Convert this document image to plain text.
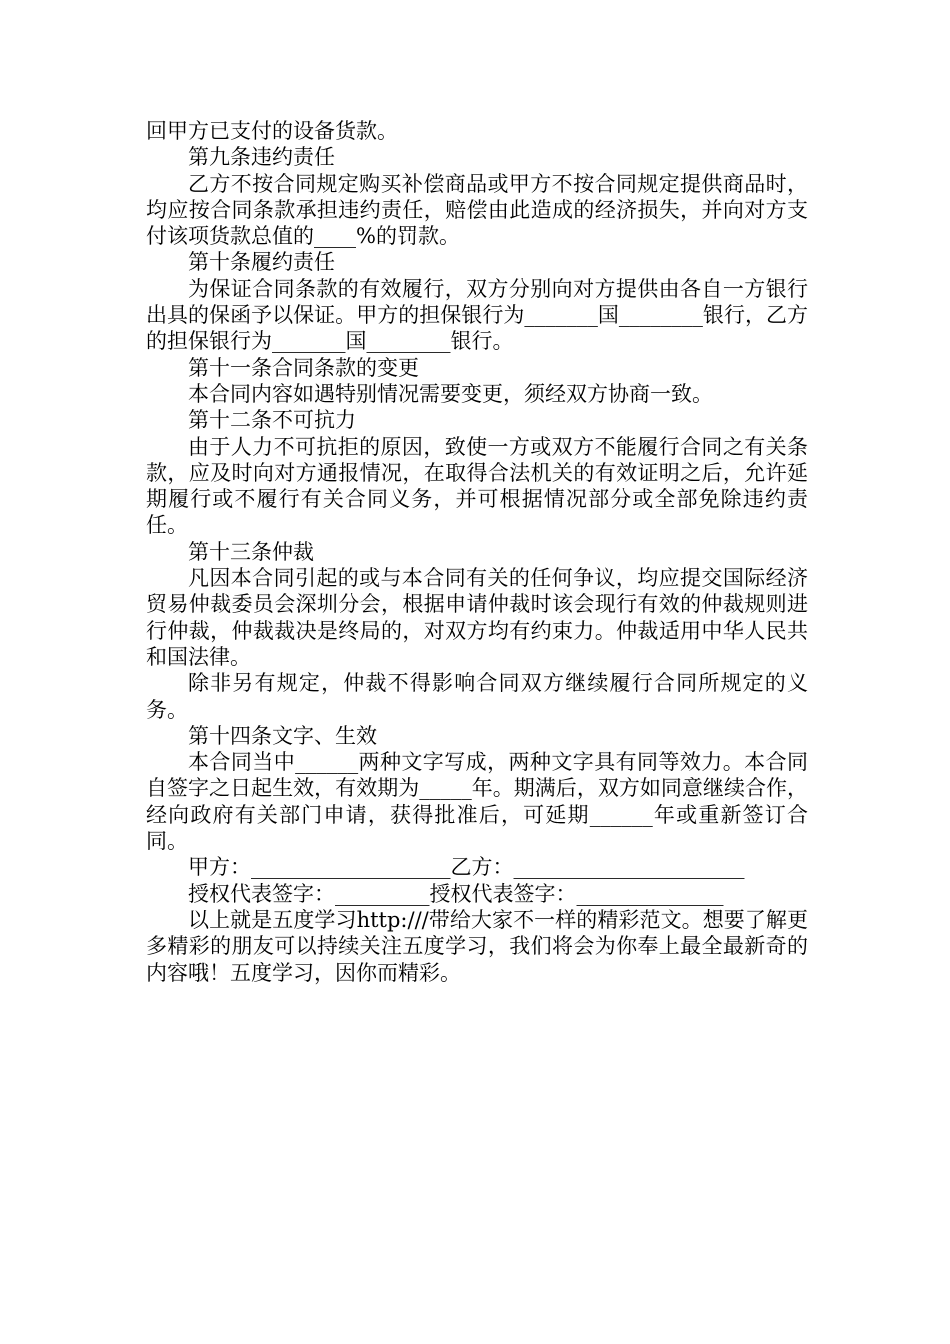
回甲方已支付的设备货款。

第九条违约责任

乙方不按合同规定购买补偿商品或甲方不按合同规定提供商品时，均应按合同条款承担违约责任，赔偿由此造成的经济损失，并向对方支付该项货款总值的____%的罚款。

第十条履约责任

为保证合同条款的有效履行，双方分别向对方提供由各自一方银行出具的保函予以保证。甲方的担保银行为_______国________银行，乙方的担保银行为_______国________银行。

第十一条合同条款的变更

本合同内容如遇特别情况需要变更，须经双方协商一致。

第十二条不可抗力

由于人力不可抗拒的原因，致使一方或双方不能履行合同之有关条款，应及时向对方通报情况，在取得合法机关的有效证明之后，允许延期履行或不履行有关合同义务，并可根据情况部分或全部免除违约责任。

第十三条仲裁

凡因本合同引起的或与本合同有关的任何争议，均应提交国际经济贸易仲裁委员会深圳分会，根据申请仲裁时该会现行有效的仲裁规则进行仲裁，仲裁裁决是终局的，对双方均有约束力。仲裁适用中华人民共和国法律。

除非另有规定，仲裁不得影响合同双方继续履行合同所规定的义务。

第十四条文字、生效

本合同当中______两种文字写成，两种文字具有同等效力。本合同自签字之日起生效，有效期为_____年。期满后，双方如同意继续合作，经向政府有关部门申请，获得批准后，可延期______年或重新签订合同。

甲方：___________________乙方：______________________

授权代表签字：_________授权代表签字：______________

以上就是五度学习http:///带给大家不一样的精彩范文。想要了解更多精彩的朋友可以持续关注五度学习，我们将会为你奉上最全最新奇的内容哦！五度学习，因你而精彩。
